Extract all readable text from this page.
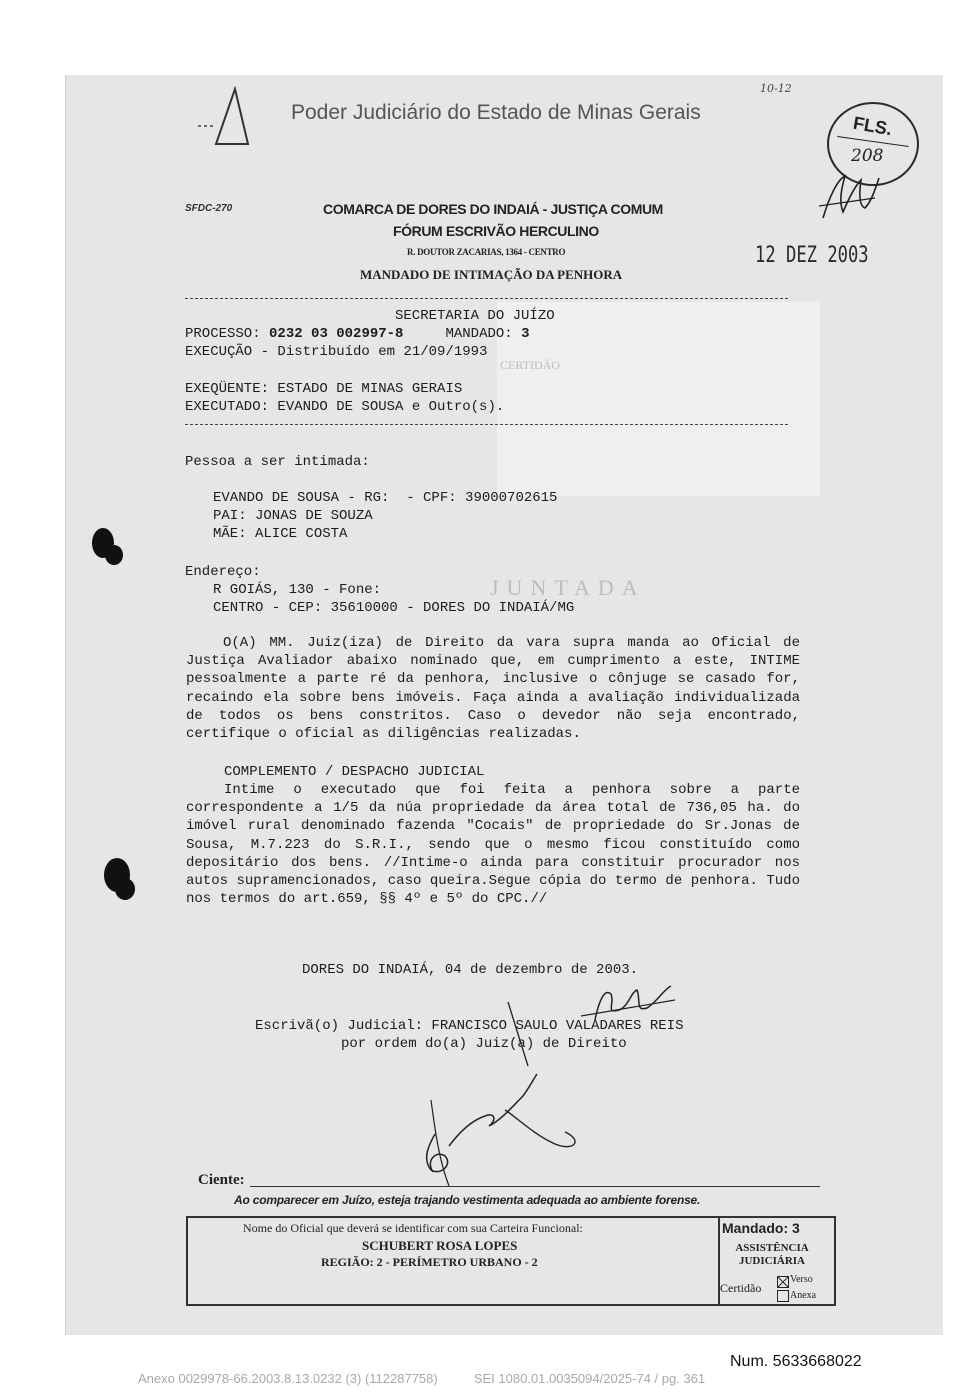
10-12
Poder Judiciário do Estado de Minas Gerais
FLS.
208
SFDC-270	COMARCA DE DORES DO INDAIÁ - JUSTIÇA COMUM
FÓRUM ESCRIVÃO HERCULINO
R. DOUTOR ZACARIAS, 1364 - CENTRO
MANDADO DE INTIMAÇÃO DA PENHORA
12 DEZ 2003
CERTIDÃO
JUNTADA
SECRETARIA DO JUÍZO
PROCESSO: 0232 03 002997-8	MANDADO: 3
EXECUÇÃO - Distribuído em 21/09/1993
EXEQÜENTE: ESTADO DE MINAS GERAIS
EXECUTADO: EVANDO DE SOUSA e Outro(s).
Pessoa a ser intimada:
EVANDO DE SOUSA - RG:  - CPF: 39000702615
PAI: JONAS DE SOUZA
MÃE: ALICE COSTA
Endereço:
R GOIÁS, 130 - Fone:
CENTRO - CEP: 35610000 - DORES DO INDAIÁ/MG
O(A) MM. Juiz(iza) de Direito da vara supra manda ao Oficial de Justiça Avaliador abaixo nominado que, em cumprimento a este, INTIME pessoalmente a parte ré da penhora, inclusive o cônjuge se casado for, recaindo ela sobre bens imóveis. Faça ainda a avaliação individualizada de todos os bens constritos. Caso o devedor não seja encontrado, certifique o oficial as diligências realizadas.
COMPLEMENTO / DESPACHO JUDICIAL
Intime o executado que foi feita a penhora sobre a parte correspondente a 1/5 da núa propriedade da área total de 736,05 ha. do imóvel rural denominado fazenda "Cocais" de propriedade do Sr.Jonas de Sousa, M.7.223 do S.R.I., sendo que o mesmo ficou constituído como depositário dos bens. //Intime-o ainda para constituir procurador nos autos supramencionados, caso queira.Segue cópia do termo de penhora. Tudo nos termos do art.659, §§ 4º e 5º do CPC.//
DORES DO INDAIÁ, 04 de dezembro de 2003.
Escrivã(o) Judicial: FRANCISCO SAULO VALADARES REIS
por ordem do(a) Juiz(a) de Direito
Ciente:
Ao comparecer em Juízo, esteja trajando vestimenta adequada ao ambiente forense.
Nome do Oficial que deverá se identificar com sua Carteira Funcional:
SCHUBERT ROSA LOPES
REGIÃO: 2 - PERÍMETRO URBANO - 2
Mandado: 3
ASSISTÊNCIA JUDICIÁRIA
Certidão
Verso
Anexa
Num. 5633668022
Anexo 0029978-66.2003.8.13.0232 (3) (112287758)          SEI 1080.01.0035094/2025-74 / pg. 361
